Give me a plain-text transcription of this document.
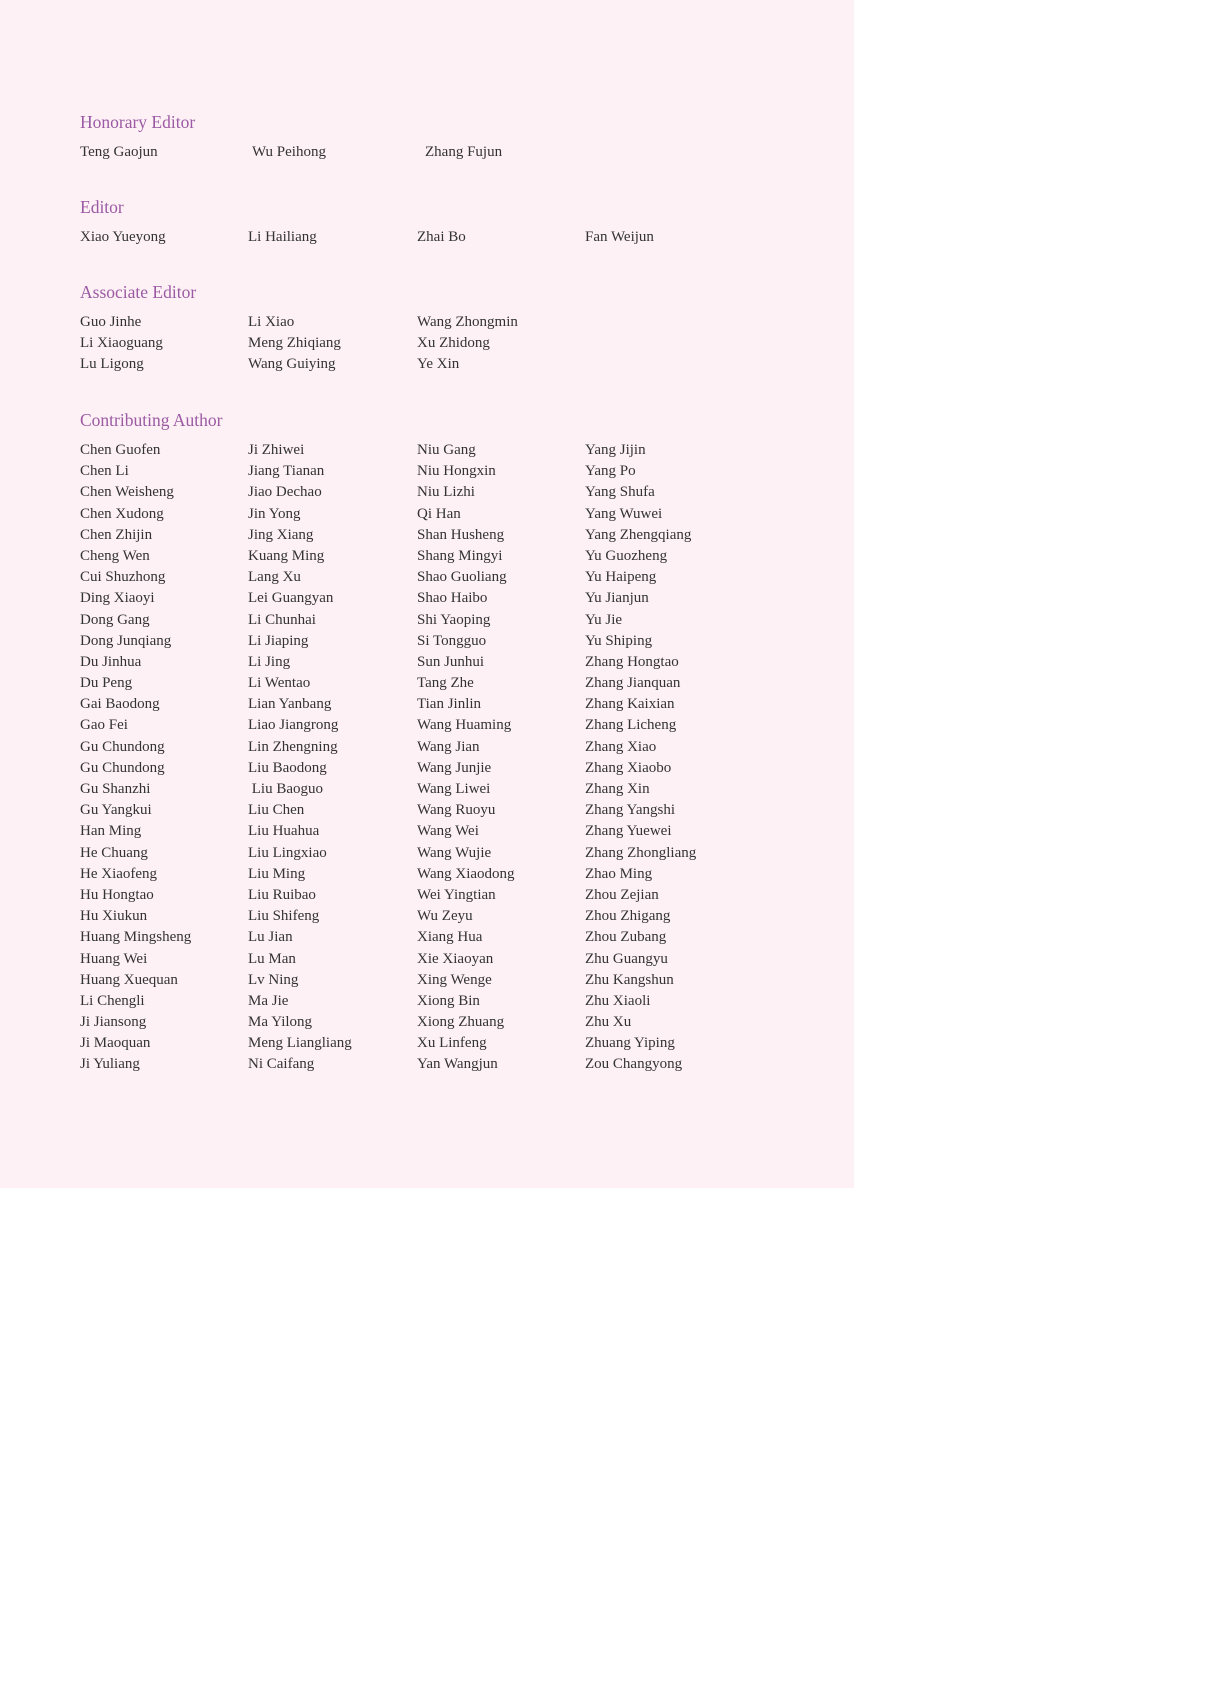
Honorary Editor
Teng Gaojun	Wu Peihong	Zhang Fujun
Editor
Xiao Yueyong	Li Hailiang	Zhai Bo	Fan Weijun
Associate Editor
Guo Jinhe	Li Xiao	Wang Zhongmin
Li Xiaoguang	Meng Zhiqiang	Xu Zhidong
Lu Ligong	Wang Guiying	Ye Xin
Contributing Author
Chen Guofen	Ji Zhiwei	Niu Gang	Yang Jijin
Chen Li	Jiang Tianan	Niu Hongxin	Yang Po
Chen Weisheng	Jiao Dechao	Niu Lizhi	Yang Shufa
Chen Xudong	Jin Yong	Qi Han	Yang Wuwei
Chen Zhijin	Jing Xiang	Shan Husheng	Yang Zhengqiang
Cheng Wen	Kuang Ming	Shang Mingyi	Yu Guozheng
Cui Shuzhong	Lang Xu	Shao Guoliang	Yu Haipeng
Ding Xiaoyi	Lei Guangyan	Shao Haibo	Yu Jianjun
Dong Gang	Li Chunhai	Shi Yaoping	Yu Jie
Dong Junqiang	Li Jiaping	Si Tongguo	Yu Shiping
Du Jinhua	Li Jing	Sun Junhui	Zhang Hongtao
Du Peng	Li Wentao	Tang Zhe	Zhang Jianquan
Gai Baodong	Lian Yanbang	Tian Jinlin	Zhang Kaixian
Gao Fei	Liao Jiangrong	Wang Huaming	Zhang Licheng
Gu Chundong	Lin Zhengning	Wang Jian	Zhang Xiao
Gu Chundong	Liu Baodong	Wang Junjie	Zhang Xiaobo
Gu Shanzhi	Liu Baoguo	Wang Liwei	Zhang Xin
Gu Yangkui	Liu Chen	Wang Ruoyu	Zhang Yangshi
Han Ming	Liu Huahua	Wang Wei	Zhang Yuewei
He Chuang	Liu Lingxiao	Wang Wujie	Zhang Zhongliang
He Xiaofeng	Liu Ming	Wang Xiaodong	Zhao Ming
Hu Hongtao	Liu Ruibao	Wei Yingtian	Zhou Zejian
Hu Xiukun	Liu Shifeng	Wu Zeyu	Zhou Zhigang
Huang Mingsheng	Lu Jian	Xiang Hua	Zhou Zubang
Huang Wei	Lu Man	Xie Xiaoyan	Zhu Guangyu
Huang Xuequan	Lv Ning	Xing Wenge	Zhu Kangshun
Li Chengli	Ma Jie	Xiong Bin	Zhu Xiaoli
Ji Jiansong	Ma Yilong	Xiong Zhuang	Zhu Xu
Ji Maoquan	Meng Liangliang	Xu Linfeng	Zhuang Yiping
Ji Yuliang	Ni Caifang	Yan Wangjun	Zou Changyong
